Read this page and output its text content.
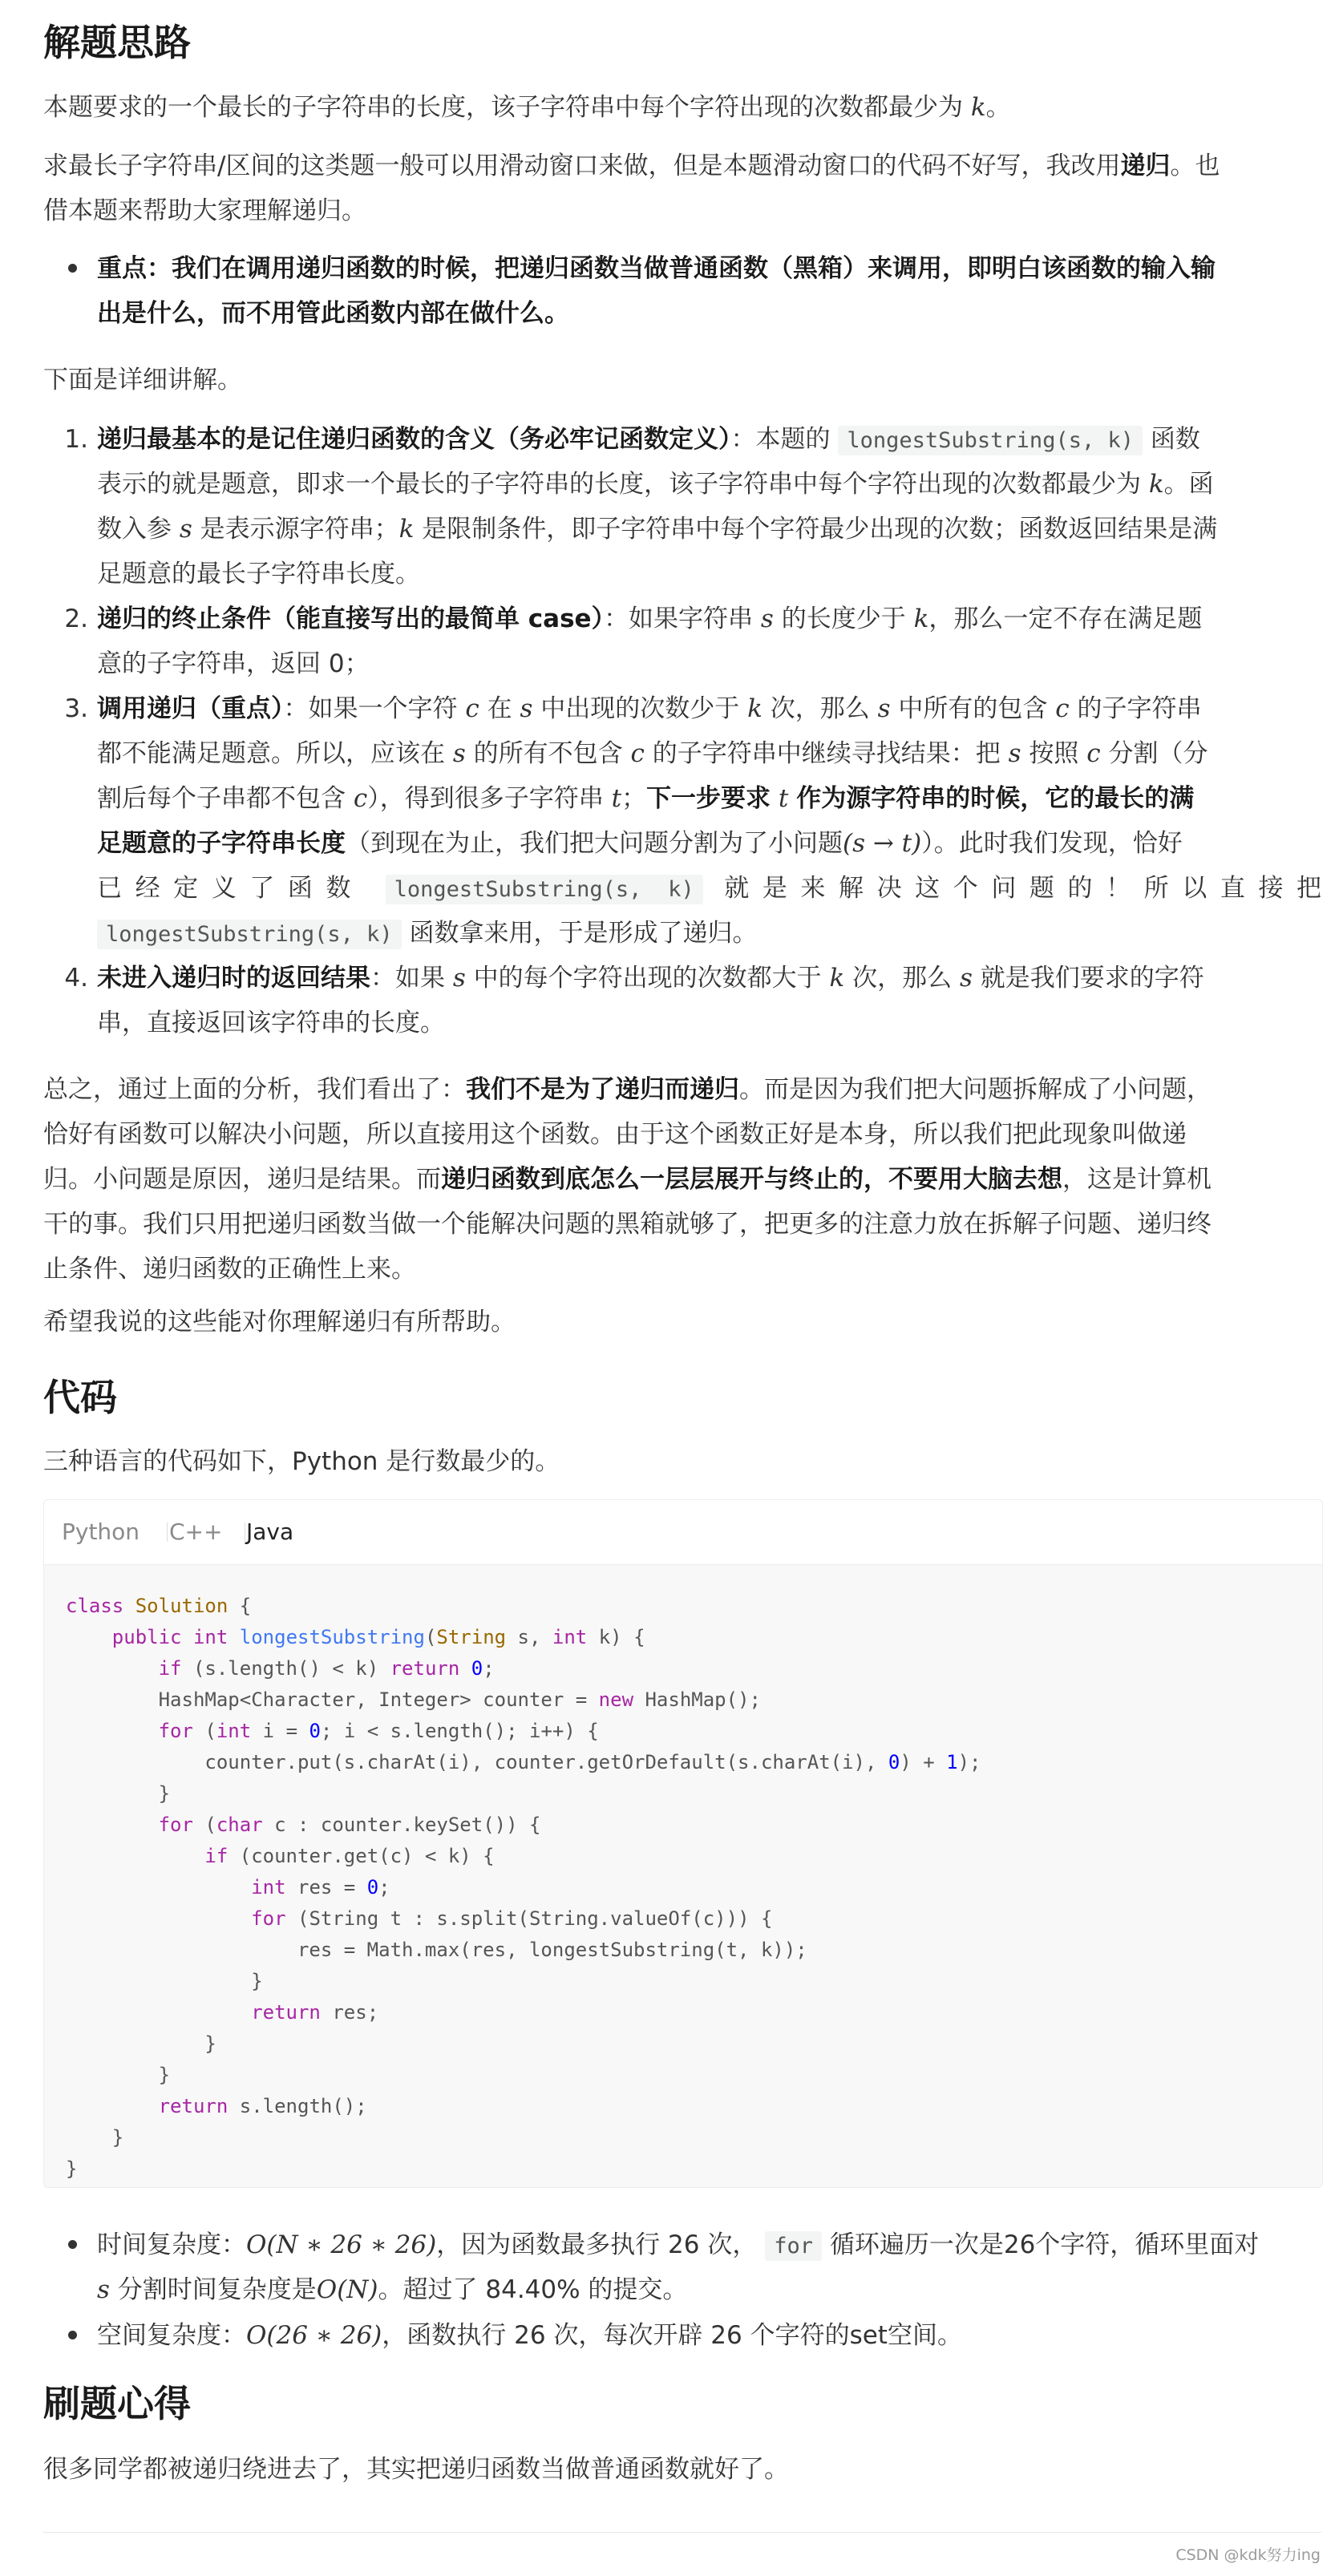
解题思路
本题要求的一个最长的子字符串的长度，该子字符串中每个字符出现的次数都最少为 k。
求最长子字符串/区间的这类题一般可以用滑动窗口来做，但是本题滑动窗口的代码不好写，我改用递归。也
借本题来帮助大家理解递归。
重点：我们在调用递归函数的时候，把递归函数当做普通函数（黑箱）来调用，即明白该函数的输入输
出是什么，而不用管此函数内部在做什么。
下面是详细讲解。
1. 递归最基本的是记住递归函数的含义（务必牢记函数定义）：本题的 longestSubstring(s, k) 函数
表示的就是题意，即求一个最长的子字符串的长度，该子字符串中每个字符出现的次数都最少为 k。函
数入参 s 是表示源字符串；k 是限制条件，即子字符串中每个字符最少出现的次数；函数返回结果是满
足题意的最长子字符串长度。
2. 递归的终止条件（能直接写出的最简单 case）：如果字符串 s 的长度少于 k，那么一定不存在满足题
意的子字符串，返回 0；
3. 调用递归（重点）：如果一个字符 c 在 s 中出现的次数少于 k 次，那么 s 中所有的包含 c 的子字符串
都不能满足题意。所以，应该在 s 的所有不包含 c 的子字符串中继续寻找结果：把 s 按照 c 分割（分
割后每个子串都不包含 c），得到很多子字符串 t；下一步要求 t 作为源字符串的时候，它的最长的满
足题意的子字符串长度（到现在为止，我们把大问题分割为了小问题(s → t)）。此时我们发现，恰好
已经定义了函数 longestSubstring(s, k) 就是来解决这个问题的！所以直接把
longestSubstring(s, k) 函数拿来用，于是形成了递归。
4. 未进入递归时的返回结果：如果 s 中的每个字符出现的次数都大于 k 次，那么 s 就是我们要求的字符
串，直接返回该字符串的长度。
总之，通过上面的分析，我们看出了：我们不是为了递归而递归。而是因为我们把大问题拆解成了小问题，
恰好有函数可以解决小问题，所以直接用这个函数。由于这个函数正好是本身，所以我们把此现象叫做递
归。小问题是原因，递归是结果。而递归函数到底怎么一层层展开与终止的，不要用大脑去想，这是计算机
干的事。我们只用把递归函数当做一个能解决问题的黑箱就够了，把更多的注意力放在拆解子问题、递归终
止条件、递归函数的正确性上来。
希望我说的这些能对你理解递归有所帮助。
代码
三种语言的代码如下，Python 是行数最少的。
Python C++ Java
class Solution {
public int longestSubstring(String s, int k) {
if (s.length() < k) return 0;
HashMap<Character, Integer> counter = new HashMap();
for (int i = 0; i < s.length(); i++) {
counter.put(s.charAt(i), counter.getOrDefault(s.charAt(i), 0) + 1);
}
for (char c : counter.keySet()) {
if (counter.get(c) < k) {
int res = 0;
for (String t : s.split(String.valueOf(c))) {
res = Math.max(res, longestSubstring(t, k));
}
return res;
}
}
return s.length();
}
}
时间复杂度：O(N ∗ 26 ∗ 26)，因为函数最多执行 26 次， for 循环遍历一次是26个字符，循环里面对
s 分割时间复杂度是O(N)。超过了 84.40% 的提交。
空间复杂度：O(26 ∗ 26)，函数执行 26 次，每次开辟 26 个字符的set空间。
刷题心得
很多同学都被递归绕进去了，其实把递归函数当做普通函数就好了。
CSDN @kdk努力ing
